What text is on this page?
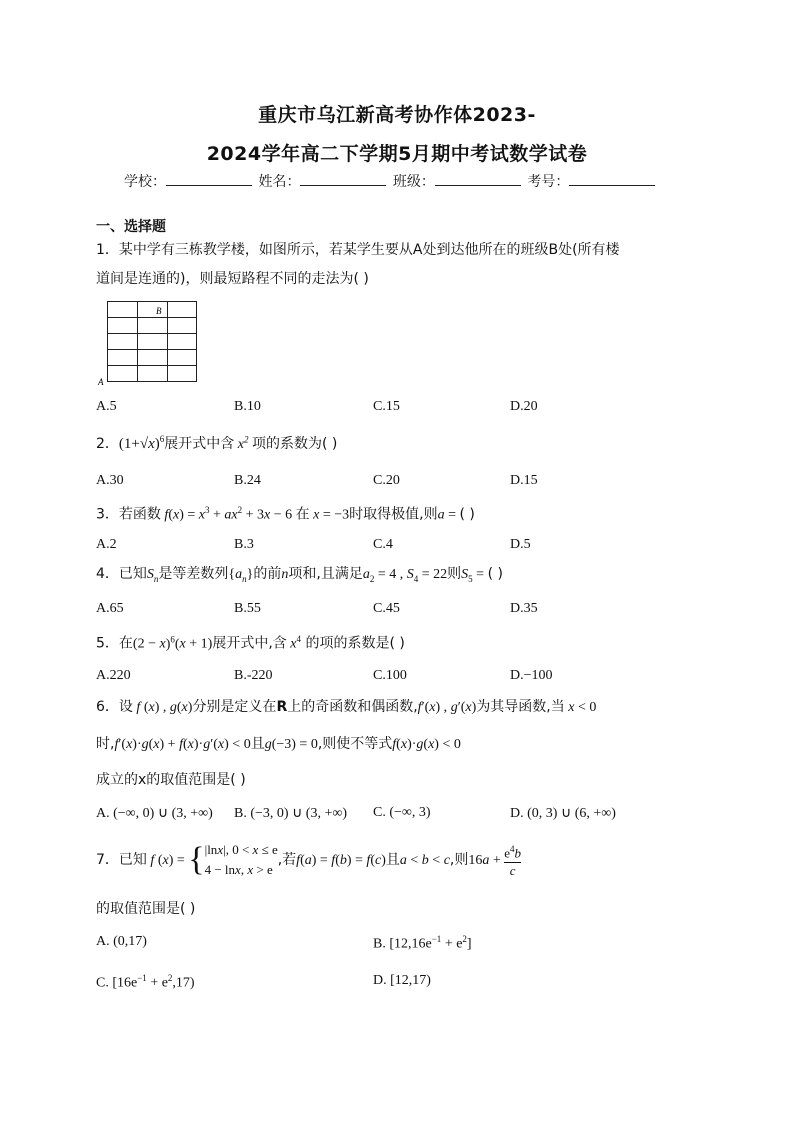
重庆市乌江新高考协作体2023-
2024学年高二下学期5月期中考试数学试卷
学校：	姓名：	班级：	考号：
一、选择题
1．某中学有三栋教学楼，如图所示，若某学生要从A处到达他所在的班级B处(所有楼
道间是连通的)，则最短路程不同的走法为( )
B
A
A.5	B.10	C.15	D.20
2．$(1+√x)^6$展开式中含 $x^2$ 项的系数为( )
A.30	B.24	C.20	D.15
3．若函数 $f(x) = x^3 + ax^2 + 3x - 6$ 在 x = −3时取得极值,则a = ( )
A.2	B.3	C.4	D.5
4．已知$S_n$是等差数列$\{a_n\}$的前n项和,且满足$a_2 = 4$ , $S_4 = 22$则$S_5$ = ( )
A.65	B.55	C.45	D.35
5．在$(2 - x)^6(x + 1)$展开式中,含 $x^4$ 的项的系数是( )
A.220	B.-220	C.100	D.−100
6．设 f (x) , g(x)分别是定义在R上的奇函数和偶函数,f′(x) , g′(x)为其导函数,当 x < 0
时,f′(x)·g(x) + f(x)·g′(x) < 0且g(−3) = 0,则使不等式f(x)·g(x) < 0
成立的x的取值范围是( )
A. (−∞, 0) ∪ (3, +∞) B. (−3, 0) ∪ (3, +∞) C. (−∞, 3)	D. (0, 3) ∪ (6, +∞)
7．已知 f (x) = { |lnx|, 0 < x ≤ e
4 − lnx, x > e
,若f(a) = f(b) = f(c)且a < b < c,则$16a + \frac{e^4b}{c}$
的取值范围是( )
A. (0,17)	B. $[12,16e^{-1} + e^2]$
C. $[16e^{-1} + e^2,17)$	D. [12,17)
